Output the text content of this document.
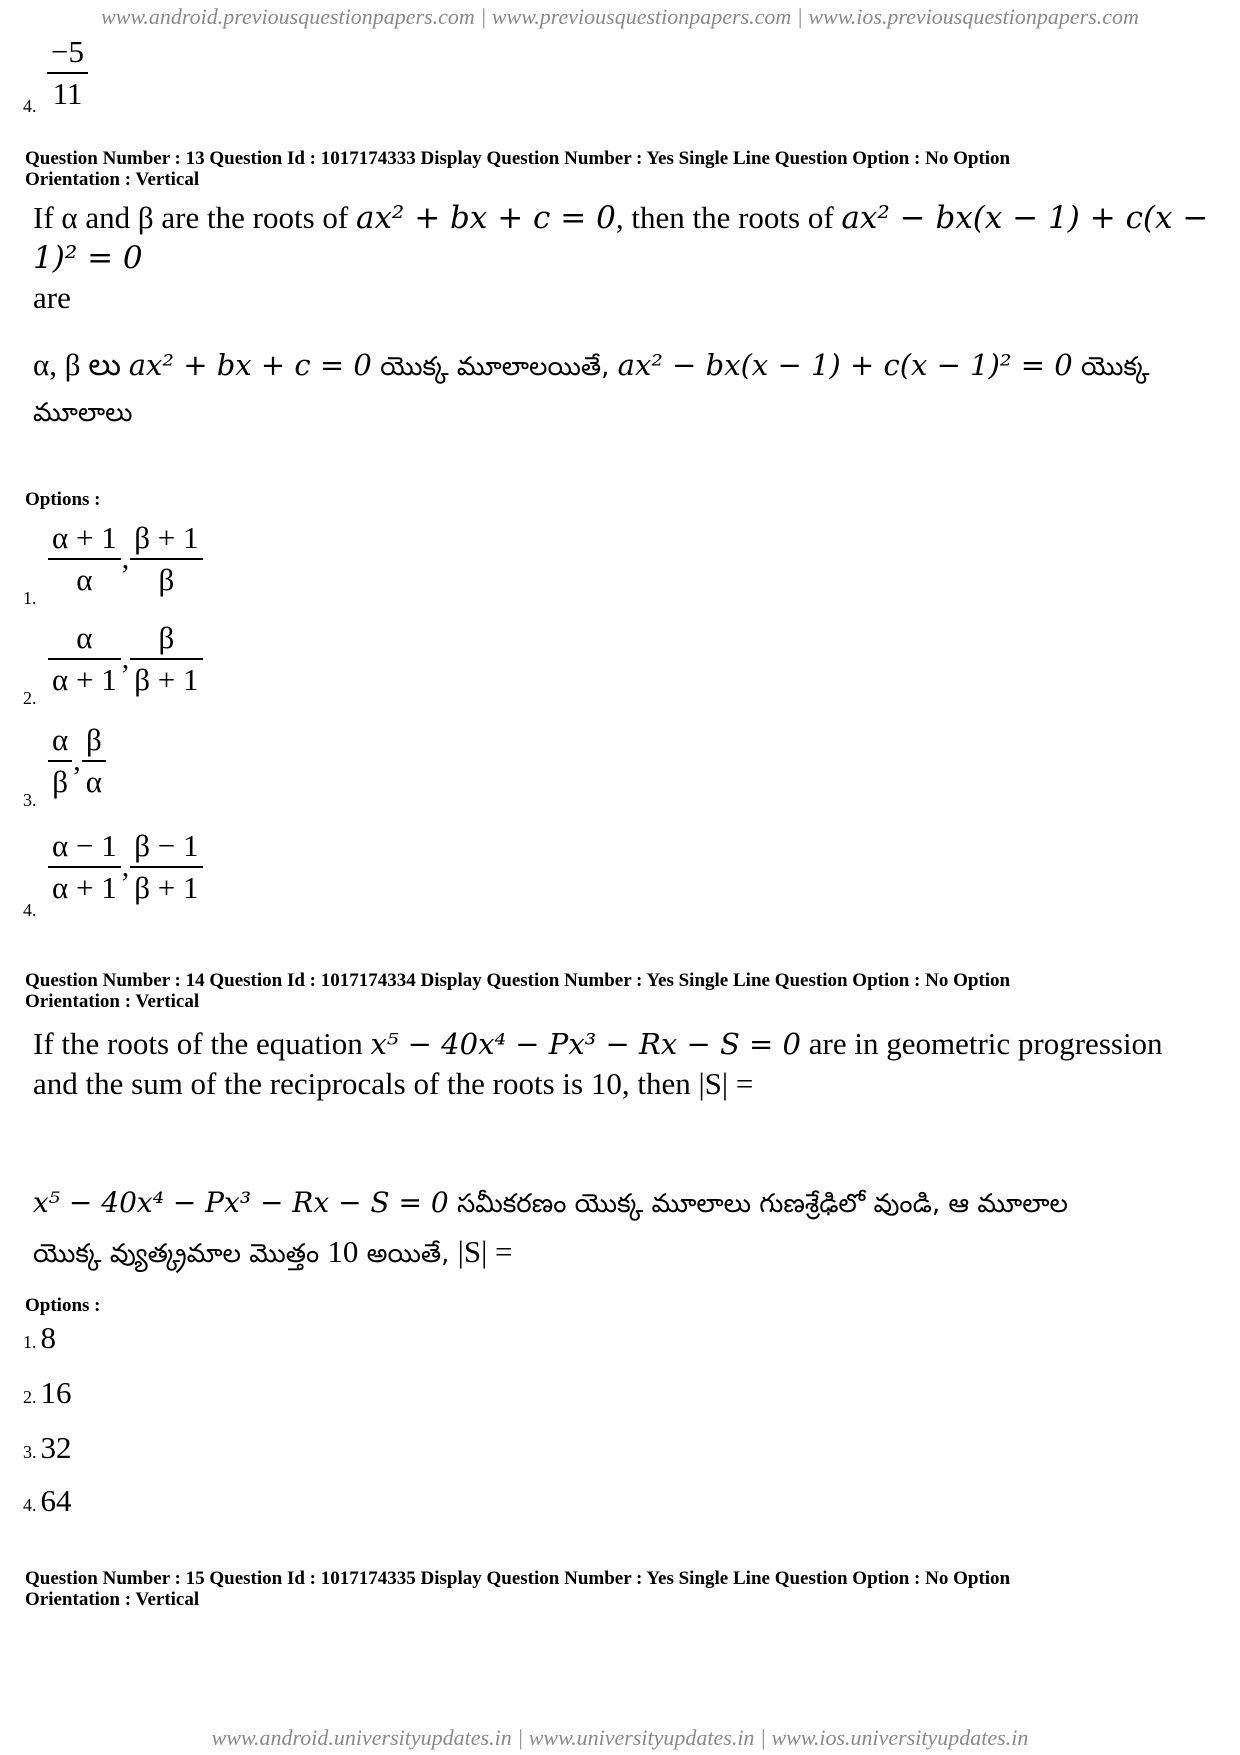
www.android.previousquestionpapers.com | www.previousquestionpapers.com | www.ios.previousquestionpapers.com
4. $\frac{-5}{11}$
Question Number : 13 Question Id : 1017174333 Display Question Number : Yes Single Line Question Option : No Option
Orientation : Vertical
If α and β are the roots of ax² + bx + c = 0, then the roots of ax² − bx(x − 1) + c(x − 1)² = 0
are
α, β లు ax² + bx + c = 0 యొక్క మూలాలయితే, ax² − bx(x − 1) + c(x − 1)² = 0 యొక్క
మూలాలు
Options :
1. $\frac{\alpha + 1}{\alpha}$ , $\frac{\beta + 1}{\beta}$
2. $\frac{\alpha}{\alpha + 1}$ , $\frac{\beta}{\beta + 1}$
3. $\frac{\alpha}{\beta}$ , $\frac{\beta}{\alpha}$
4.
$\frac{\alpha - 1}{\alpha + 1}$ , $\frac{\beta - 1}{\beta + 1}$
Question Number : 14 Question Id : 1017174334 Display Question Number : Yes Single Line Question Option : No Option
Orientation : Vertical
If the roots of the equation x⁵ − 40x⁴ − Px³ − Rx − S = 0 are in geometric progression
and the sum of the reciprocals of the roots is 10, then |S| =
x⁵ − 40x⁴ − Px³ − Rx − S = 0 సమీకరణం యొక్క మూలాలు గుణశ్రేఢిలో వుండి, ఆ మూలాల
యొక్క వ్యుత్క్రమాల మొత్తం 10 అయితే, |S| =
Options :
1. 8
2. 16
3. 32
4. 64
Question Number : 15 Question Id : 1017174335 Display Question Number : Yes Single Line Question Option : No Option
Orientation : Vertical
www.android.universityupdates.in | www.universityupdates.in | www.ios.universityupdates.in
